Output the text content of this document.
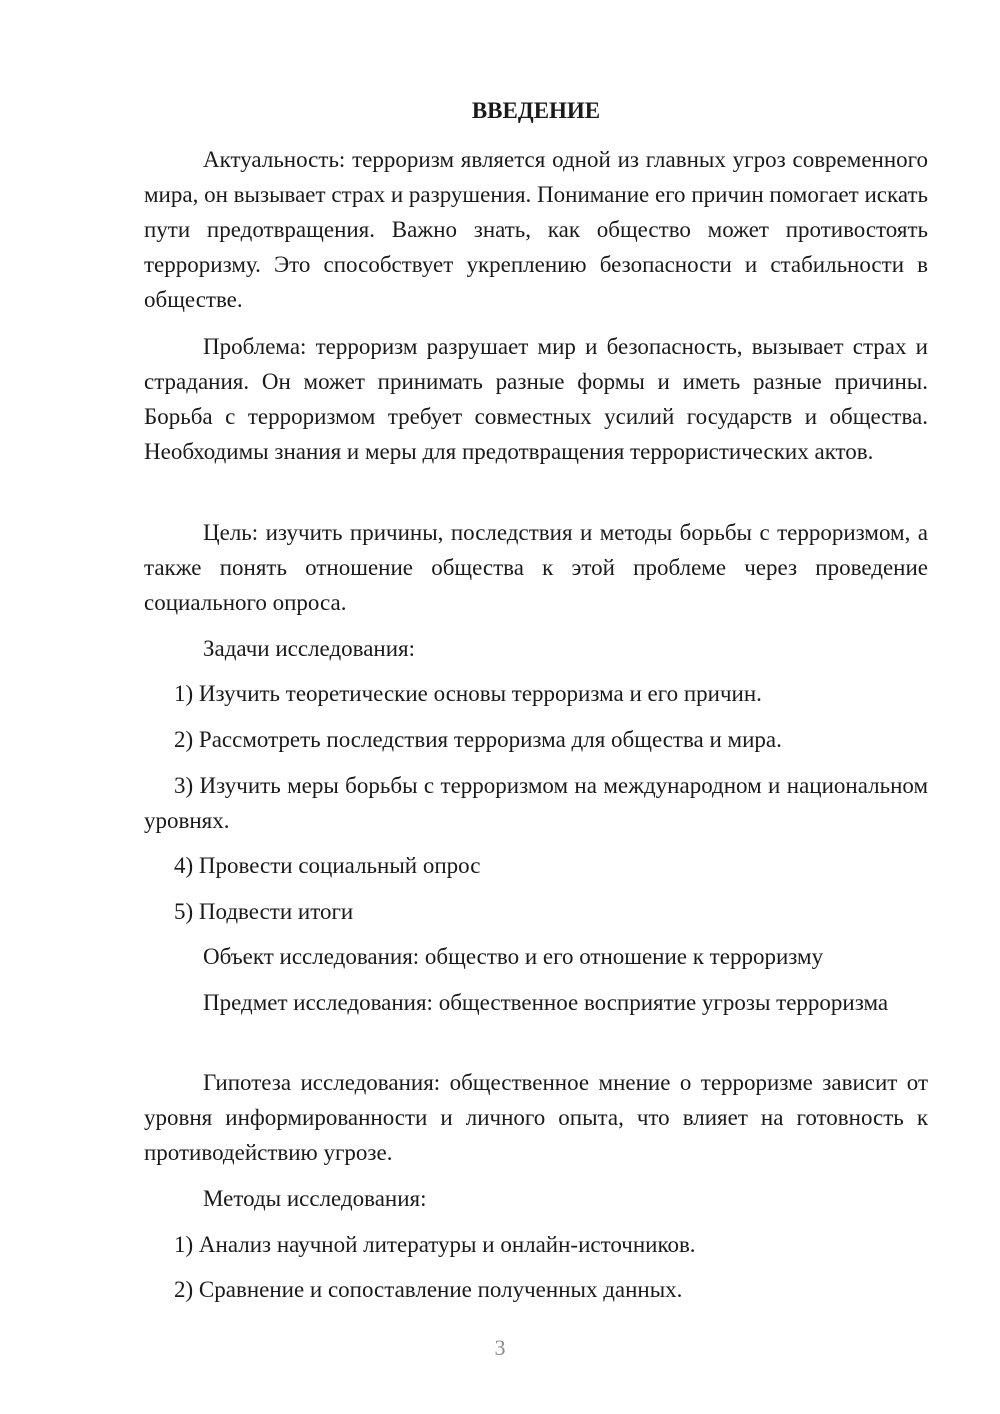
ВВЕДЕНИЕ

Актуальность: терроризм является одной из главных угроз современного мира, он вызывает страх и разрушения. Понимание его причин помогает искать пути предотвращения. Важно знать, как общество может противостоять терроризму. Это способствует укреплению безопасности и стабильности в обществе.

Проблема: терроризм разрушает мир и безопасность, вызывает страх и страдания. Он может принимать разные формы и иметь разные причины. Борьба с терроризмом требует совместных усилий государств и общества. Необходимы знания и меры для предотвращения террористических актов.

Цель: изучить причины, последствия и методы борьбы с терроризмом, а также понять отношение общества к этой проблеме через проведение социального опроса.

Задачи исследования:

1) Изучить теоретические основы терроризма и его причин.

2) Рассмотреть последствия терроризма для общества и мира.

3) Изучить меры борьбы с терроризмом на международном и национальном уровнях.

4) Провести социальный опрос

5) Подвести итоги

Объект исследования: общество и его отношение к терроризму

Предмет исследования: общественное восприятие угрозы терроризма

Гипотеза исследования: общественное мнение о терроризме зависит от уровня информированности и личного опыта, что влияет на готовность к противодействию угрозе.

Методы исследования:

1) Анализ научной литературы и онлайн-источников.

2) Сравнение и сопоставление полученных данных.

3
